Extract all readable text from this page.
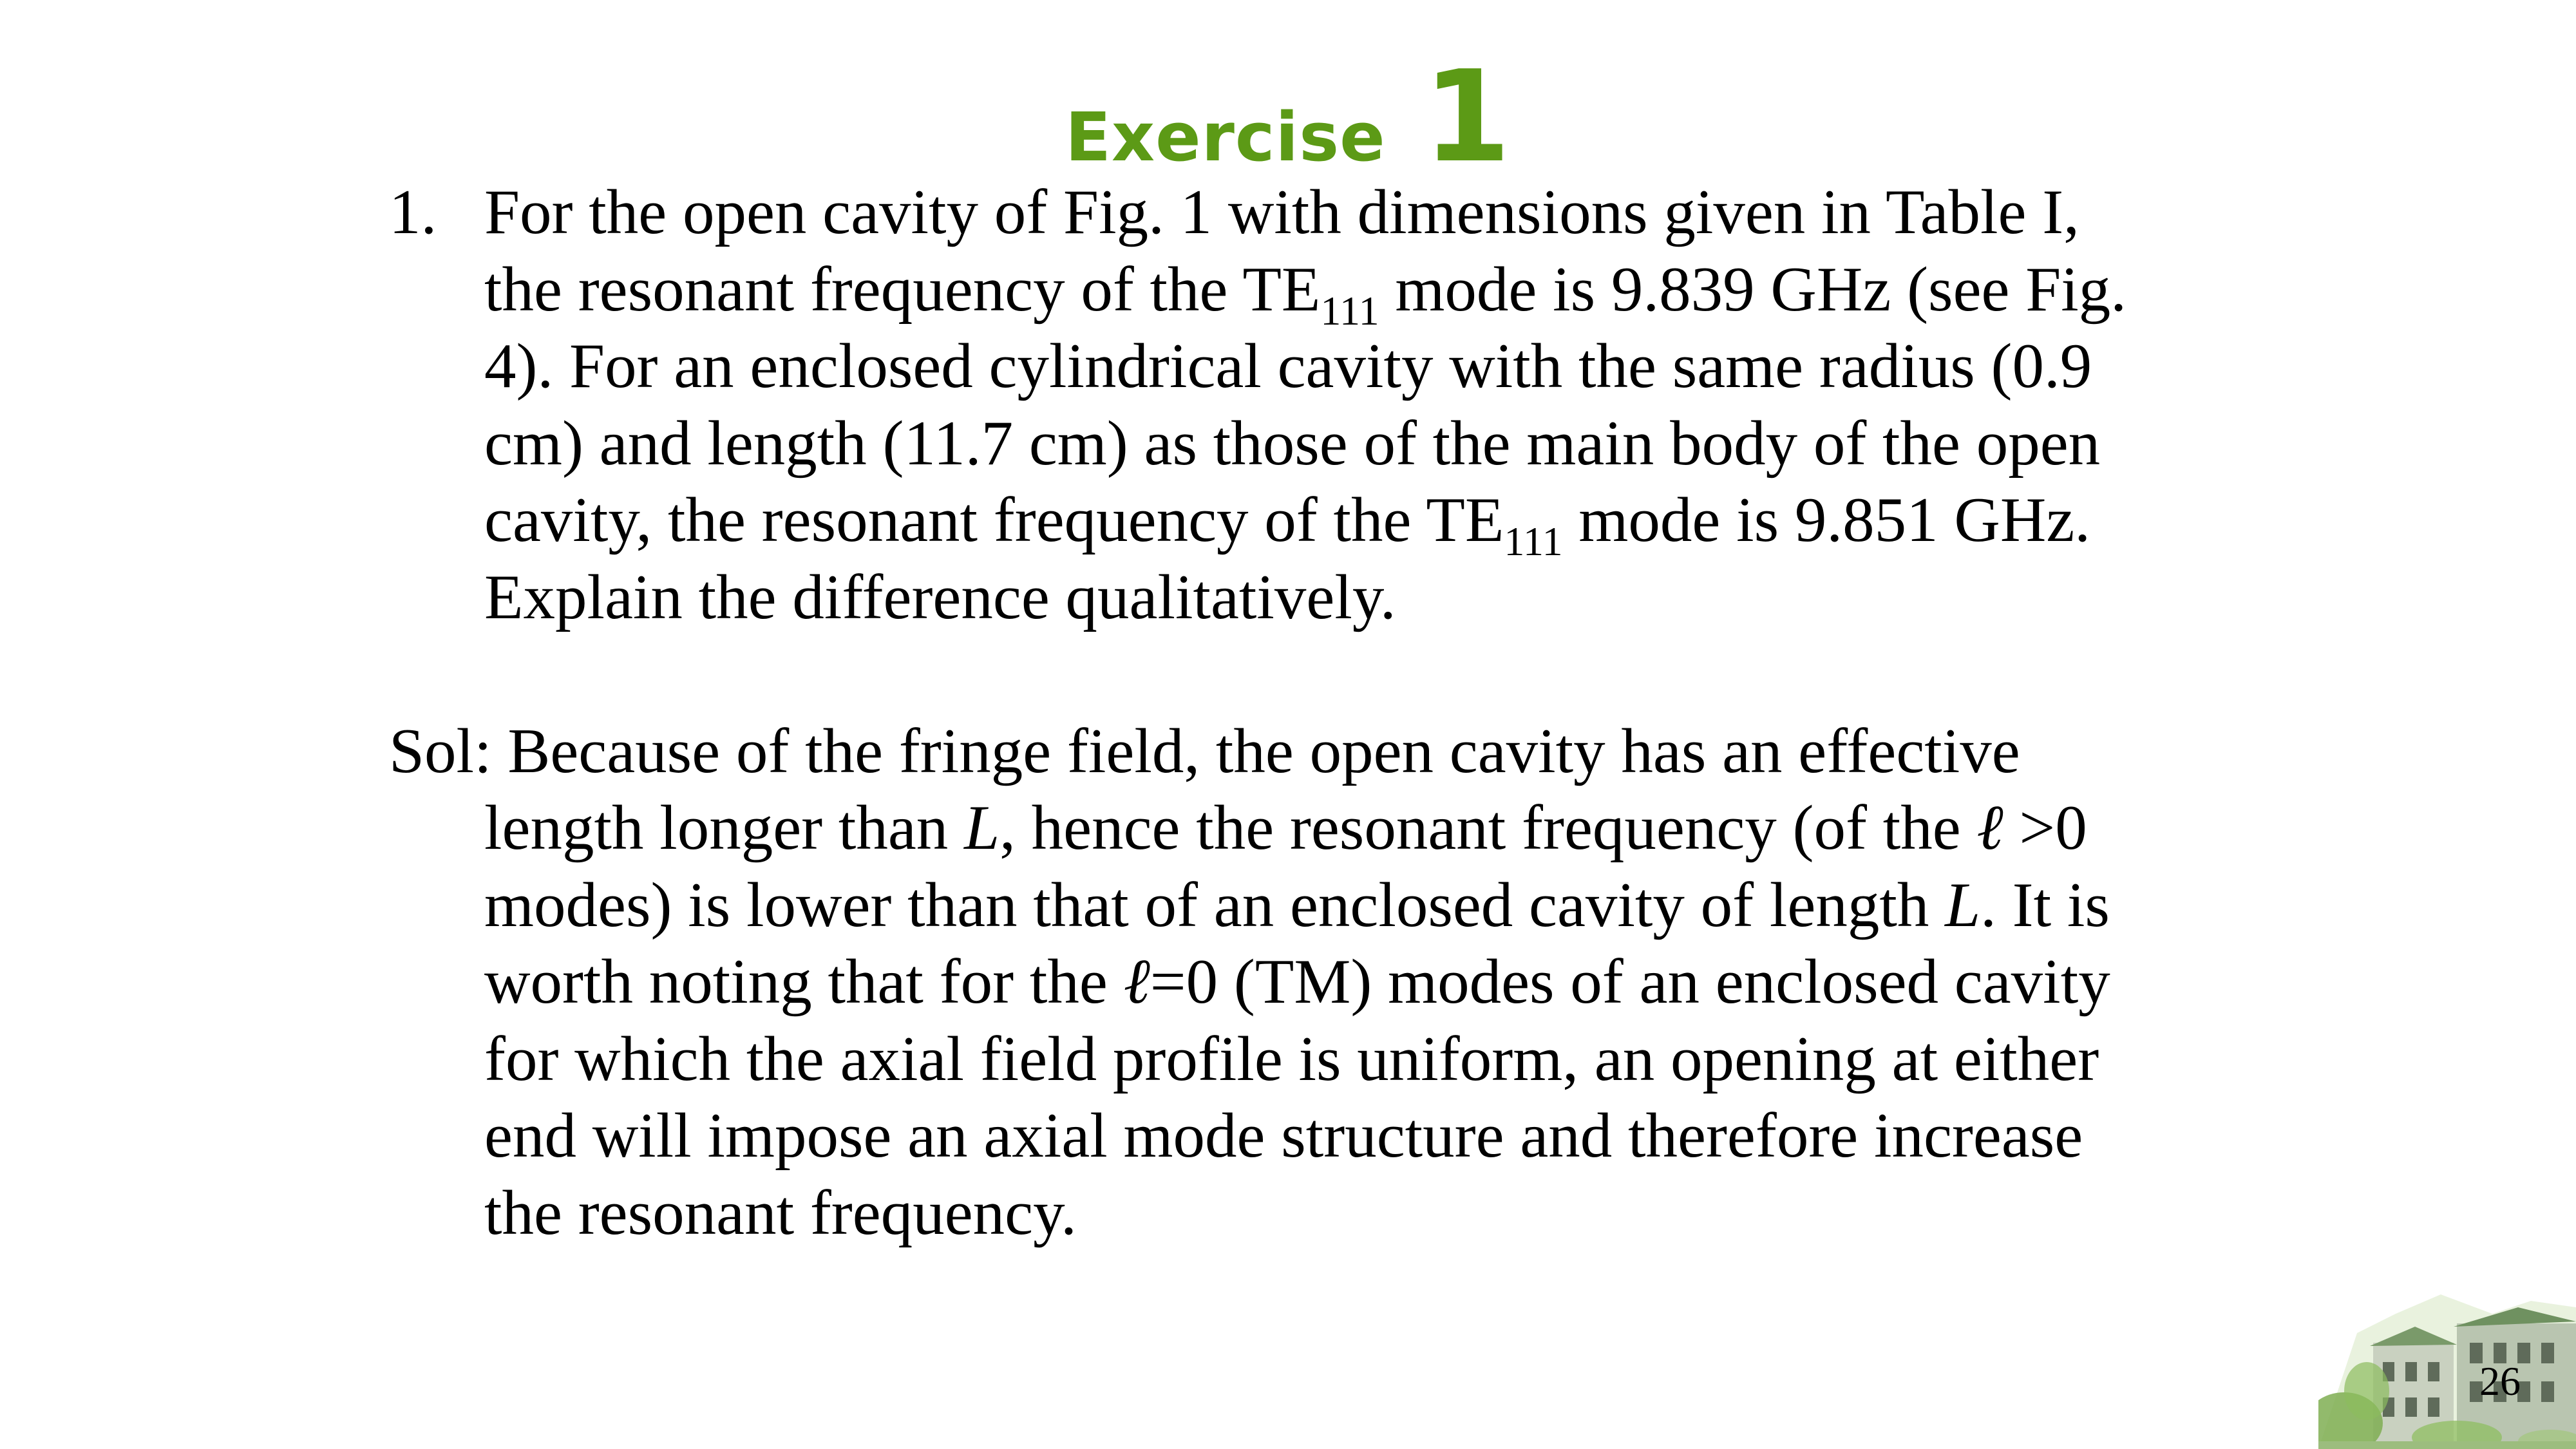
Exercise 1
1. For the open cavity of Fig. 1 with dimensions given in Table I, the resonant frequency of the $TE_{111}$ mode is 9.839 GHz (see Fig. 4). For an enclosed cylindrical cavity with the same radius (0.9 cm) and length (11.7 cm) as those of the main body of the open cavity, the resonant frequency of the $TE_{111}$ mode is 9.851 GHz. Explain the difference qualitatively.
Sol: Because of the fringe field, the open cavity has an effective length longer than L, hence the resonant frequency (of the ℓ >0 modes) is lower than that of an enclosed cavity of length L. It is worth noting that for the ℓ=0 (TM) modes of an enclosed cavity for which the axial field profile is uniform, an opening at either end will impose an axial mode structure and therefore increase the resonant frequency.
26
